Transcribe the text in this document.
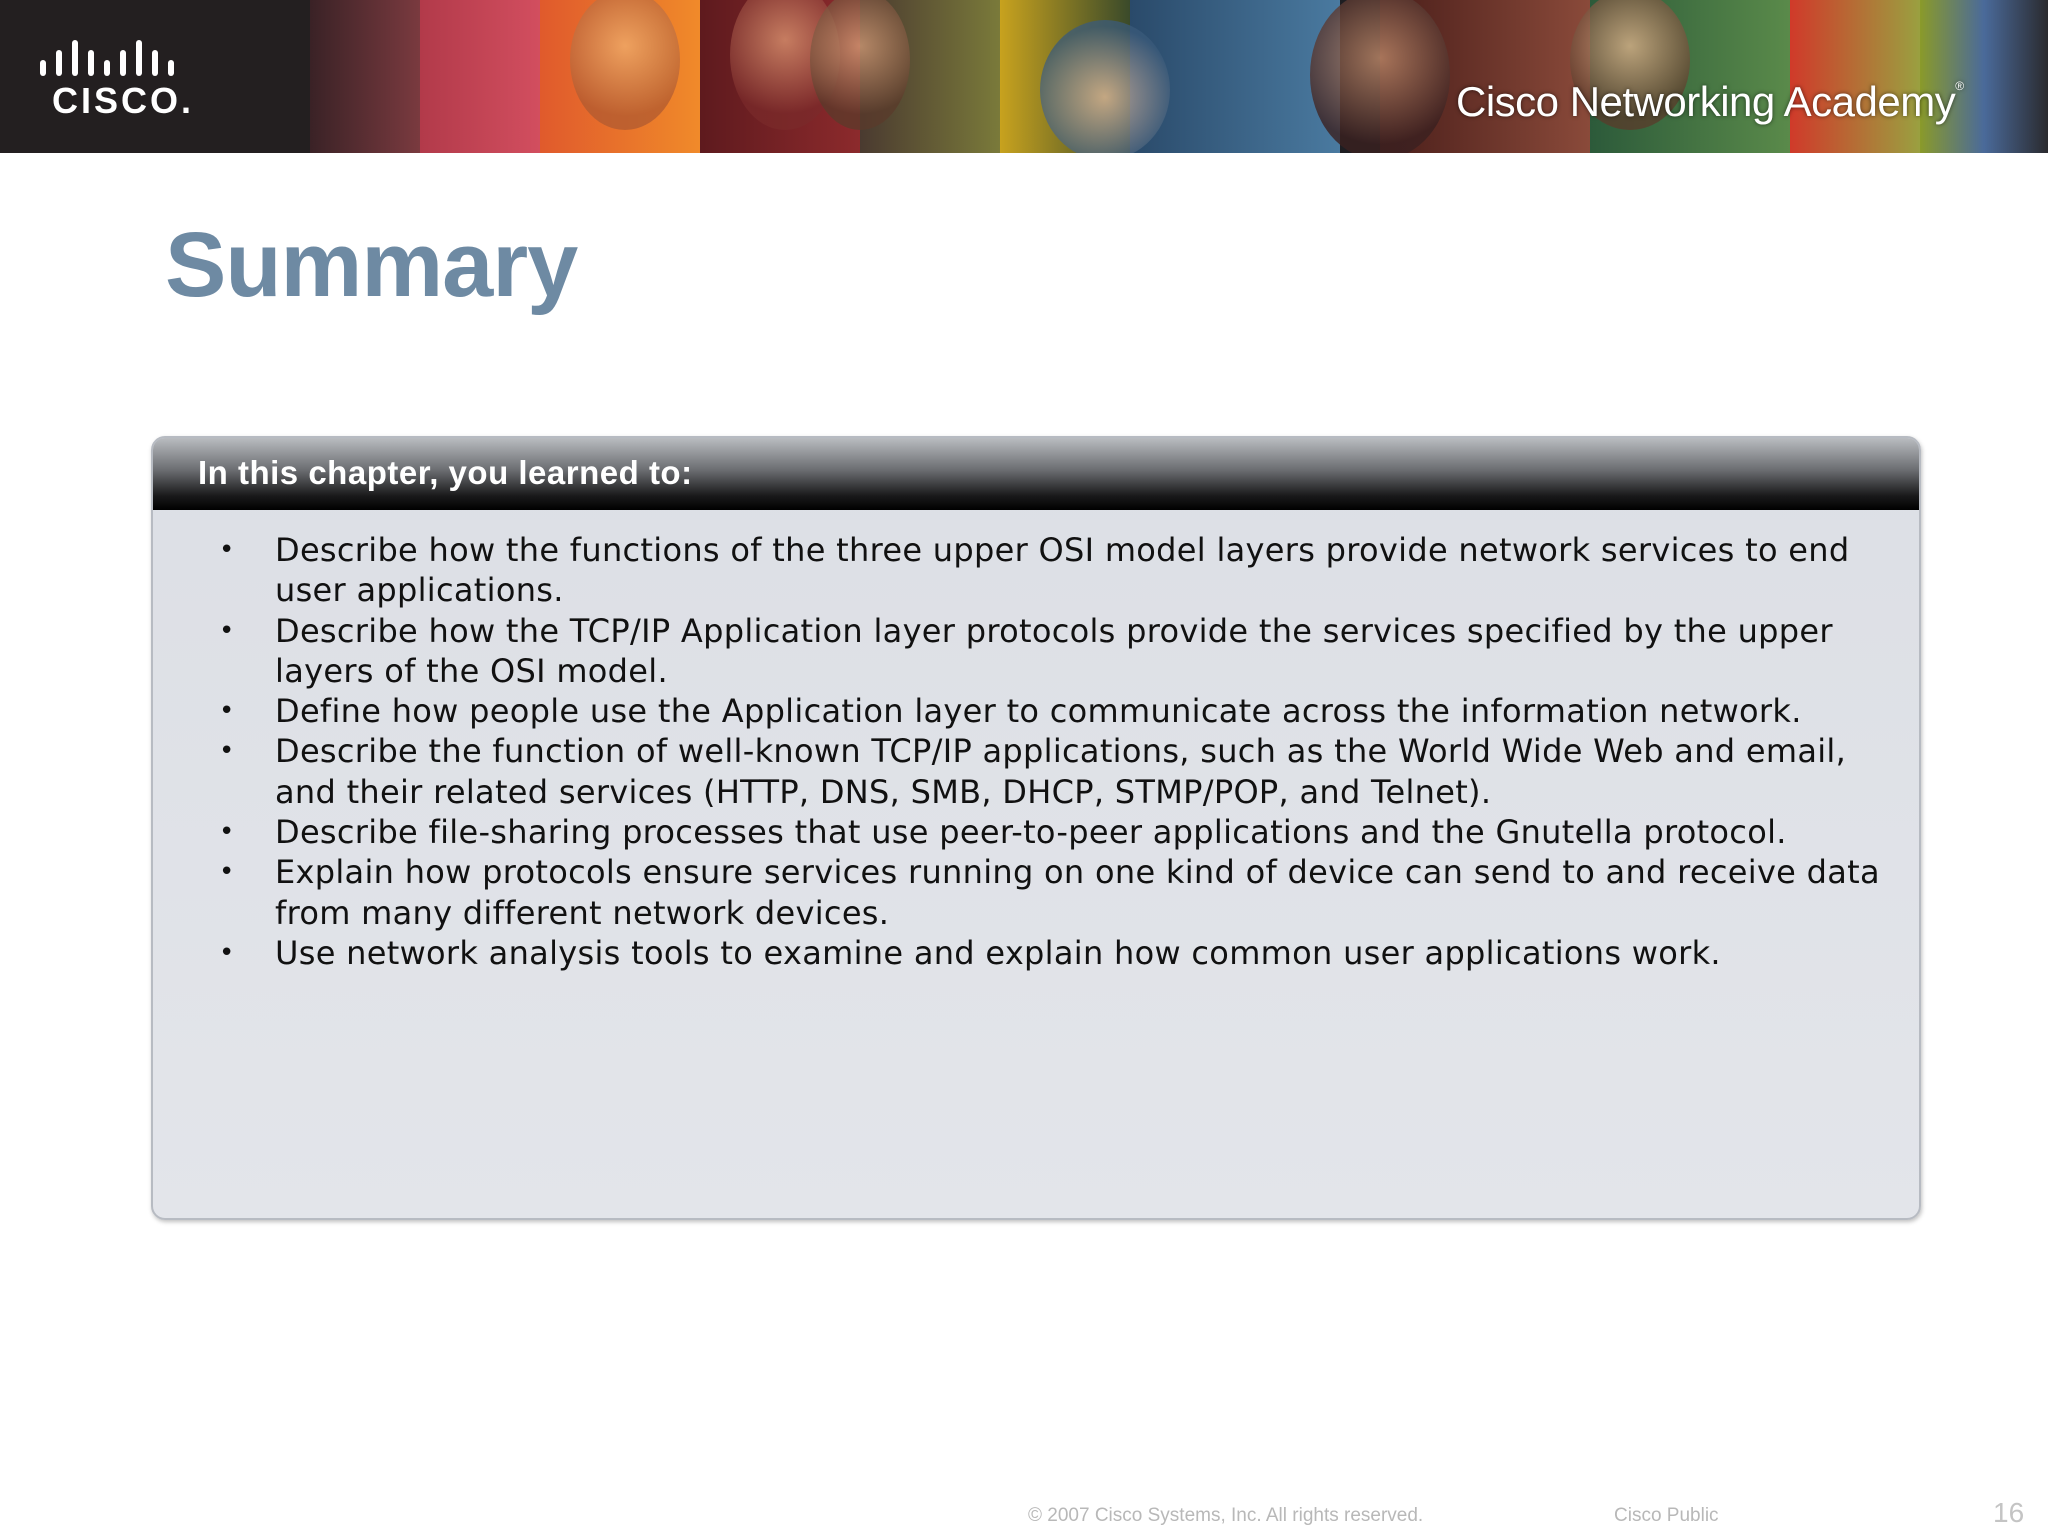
CISCO.	Cisco Networking Academy®
Summary
In this chapter, you learned to:
• Describe how the functions of the three upper OSI model layers provide network services to end user applications.
• Describe how the TCP/IP Application layer protocols provide the services specified by the upper layers of the OSI model.
• Define how people use the Application layer to communicate across the information network.
• Describe the function of well-known TCP/IP applications, such as the World Wide Web and email, and their related services (HTTP, DNS, SMB, DHCP, STMP/POP, and Telnet).
• Describe file-sharing processes that use peer-to-peer applications and the Gnutella protocol.
• Explain how protocols ensure services running on one kind of device can send to and receive data from many different network devices.
• Use network analysis tools to examine and explain how common user applications work.
© 2007 Cisco Systems, Inc. All rights reserved.	Cisco Public	16
